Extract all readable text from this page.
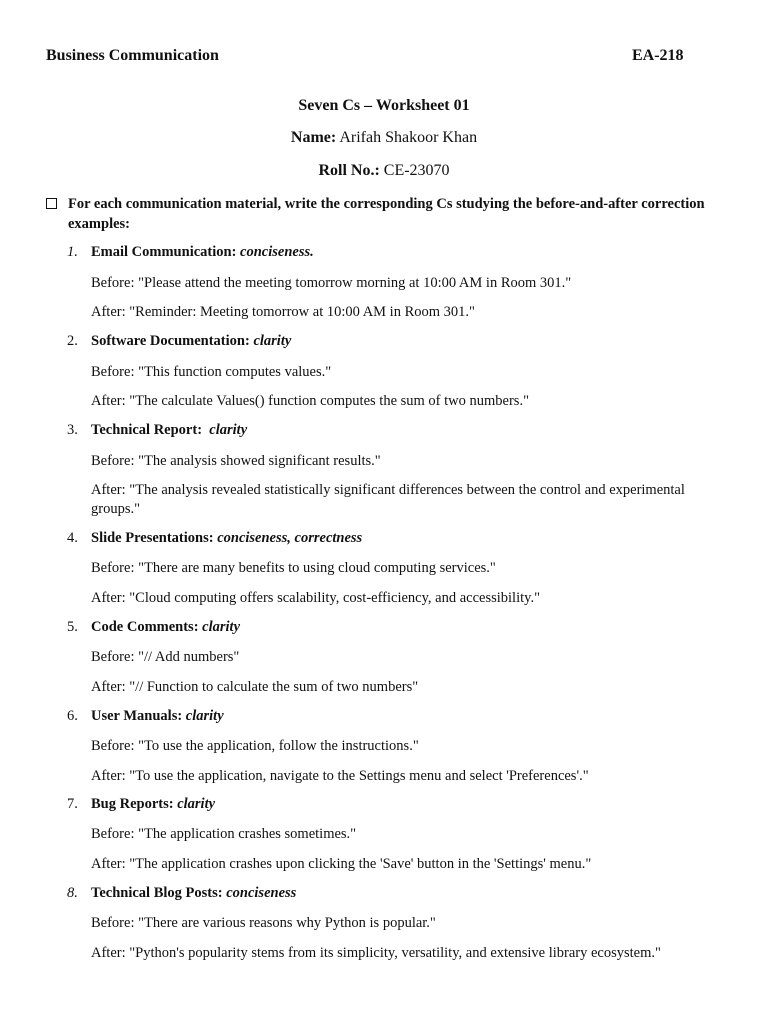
Business Communication	EA-218
Seven Cs – Worksheet 01
Name: Arifah Shakoor Khan
Roll No.: CE-23070
For each communication material, write the corresponding Cs studying the before-and-after correction examples:
1. Email Communication: conciseness.
Before: "Please attend the meeting tomorrow morning at 10:00 AM in Room 301."
After: "Reminder: Meeting tomorrow at 10:00 AM in Room 301."
2. Software Documentation: clarity
Before: "This function computes values."
After: "The calculate Values() function computes the sum of two numbers."
3. Technical Report:  clarity
Before: "The analysis showed significant results."
After: "The analysis revealed statistically significant differences between the control and experimental groups."
4. Slide Presentations: conciseness, correctness
Before: "There are many benefits to using cloud computing services."
After: "Cloud computing offers scalability, cost-efficiency, and accessibility."
5. Code Comments: clarity
Before: "// Add numbers"
After: "// Function to calculate the sum of two numbers"
6. User Manuals: clarity
Before: "To use the application, follow the instructions."
After: "To use the application, navigate to the Settings menu and select 'Preferences'."
7. Bug Reports: clarity
Before: "The application crashes sometimes."
After: "The application crashes upon clicking the 'Save' button in the 'Settings' menu."
8. Technical Blog Posts: conciseness
Before: "There are various reasons why Python is popular."
After: "Python's popularity stems from its simplicity, versatility, and extensive library ecosystem."
